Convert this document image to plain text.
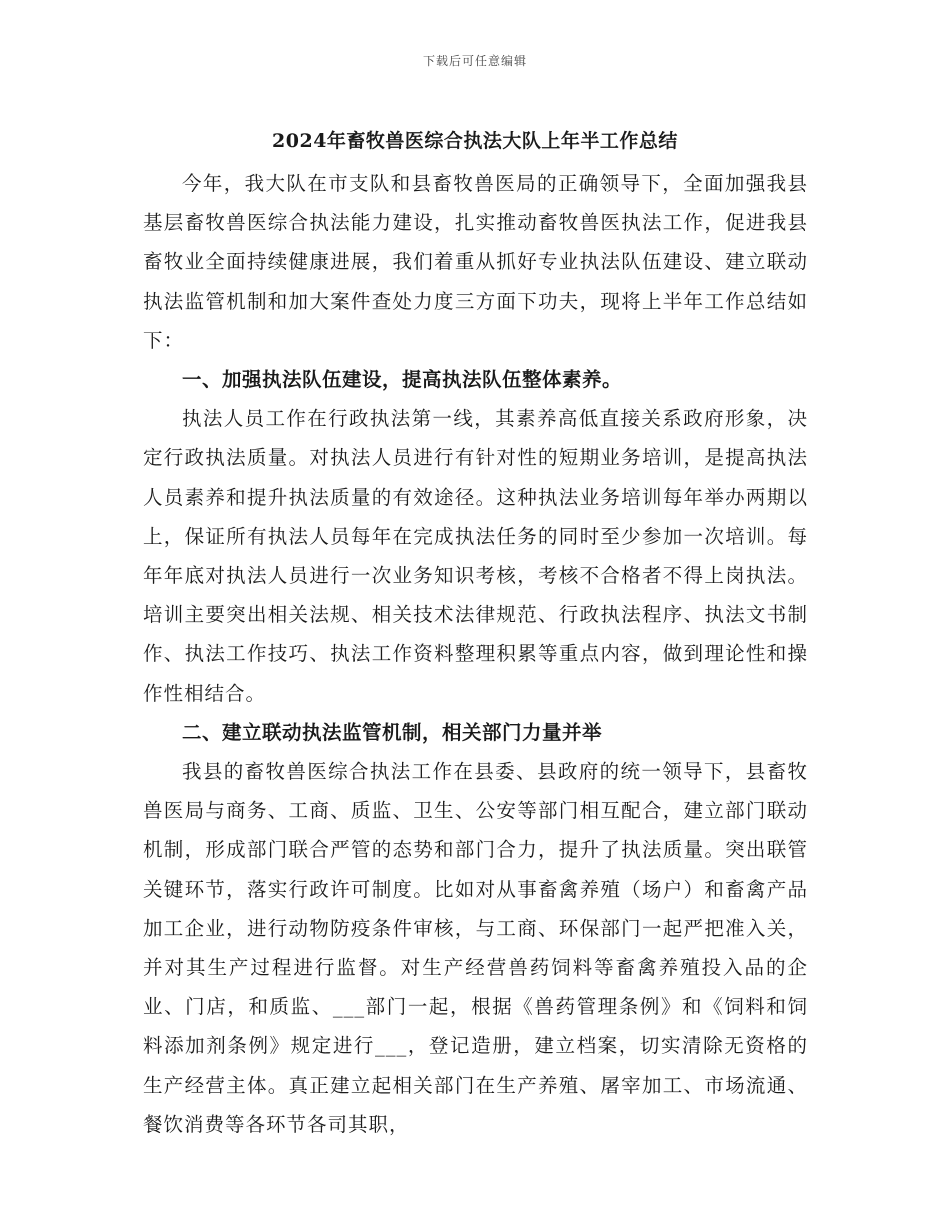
下载后可任意编辑
2024年畜牧兽医综合执法大队上年半工作总结

今年，我大队在市支队和县畜牧兽医局的正确领导下，全面加强我县基层畜牧兽医综合执法能力建设，扎实推动畜牧兽医执法工作，促进我县畜牧业全面持续健康进展，我们着重从抓好专业执法队伍建设、建立联动执法监管机制和加大案件查处力度三方面下功夫，现将上半年工作总结如下：

一、加强执法队伍建设，提高执法队伍整体素养。

执法人员工作在行政执法第一线，其素养高低直接关系政府形象，决定行政执法质量。对执法人员进行有针对性的短期业务培训，是提高执法人员素养和提升执法质量的有效途径。这种执法业务培训每年举办两期以上，保证所有执法人员每年在完成执法任务的同时至少参加一次培训。每年年底对执法人员进行一次业务知识考核，考核不合格者不得上岗执法。培训主要突出相关法规、相关技术法律规范、行政执法程序、执法文书制作、执法工作技巧、执法工作资料整理积累等重点内容，做到理论性和操作性相结合。

二、建立联动执法监管机制，相关部门力量并举

我县的畜牧兽医综合执法工作在县委、县政府的统一领导下，县畜牧兽医局与商务、工商、质监、卫生、公安等部门相互配合，建立部门联动机制，形成部门联合严管的态势和部门合力，提升了执法质量。突出联管关键环节，落实行政许可制度。比如对从事畜禽养殖（场户）和畜禽产品加工企业，进行动物防疫条件审核，与工商、环保部门一起严把准入关，并对其生产过程进行监督。对生产经营兽药饲料等畜禽养殖投入品的企业、门店，和质监、___部门一起，根据《兽药管理条例》和《饲料和饲料添加剂条例》规定进行___，登记造册，建立档案，切实清除无资格的生产经营主体。真正建立起相关部门在生产养殖、屠宰加工、市场流通、餐饮消费等各环节各司其职，
